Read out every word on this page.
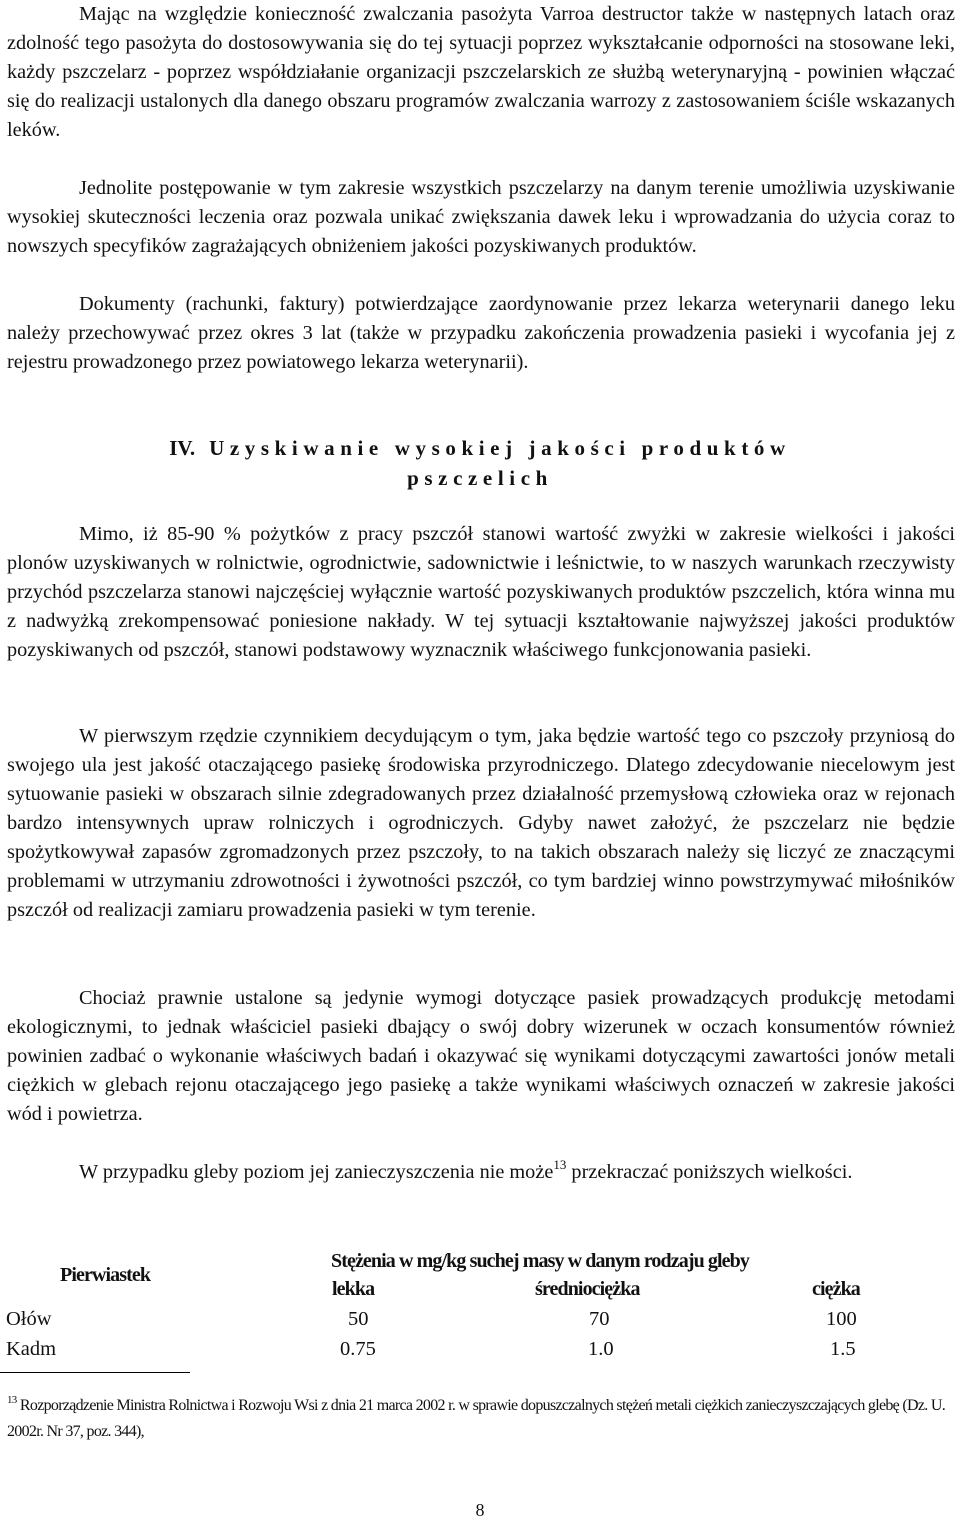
Mając na względzie konieczność zwalczania pasożyta Varroa destructor także w następnych latach oraz zdolność tego pasożyta do dostosowywania się do tej sytuacji poprzez wykształcanie odporności na stosowane leki, każdy pszczelarz - poprzez współdziałanie organizacji pszczelarskich ze służbą weterynaryjną - powinien włączać się do realizacji ustalonych dla danego obszaru programów zwalczania warrozy z zastosowaniem ściśle wskazanych leków.

Jednolite postępowanie w tym zakresie wszystkich pszczelarzy na danym terenie umożliwia uzyskiwanie wysokiej skuteczności leczenia oraz pozwala unikać zwiększania dawek leku i wprowadzania do użycia coraz to nowszych specyfików zagrażających obniżeniem jakości pozyskiwanych produktów.

Dokumenty (rachunki, faktury) potwierdzające zaordynowanie przez lekarza weterynarii danego leku należy przechowywać przez okres 3 lat (także w przypadku zakończenia prowadzenia pasieki i wycofania jej z rejestru prowadzonego przez powiatowego lekarza weterynarii).

IV. Uzyskiwanie wysokiej jakości produktów
pszczelich

Mimo, iż 85-90 % pożytków z pracy pszczół stanowi wartość zwyżki w zakresie wielkości i jakości plonów uzyskiwanych w rolnictwie, ogrodnictwie, sadownictwie i leśnictwie, to w naszych warunkach rzeczywisty przychód pszczelarza stanowi najczęściej wyłącznie wartość pozyskiwanych produktów pszczelich, która winna mu z nadwyżką zrekompensować poniesione nakłady. W tej sytuacji kształtowanie najwyższej jakości produktów pozyskiwanych od pszczół, stanowi podstawowy wyznacznik właściwego funkcjonowania pasieki.

W pierwszym rzędzie czynnikiem decydującym o tym, jaka będzie wartość tego co pszczoły przyniosą do swojego ula jest jakość otaczającego pasiekę środowiska przyrodniczego. Dlatego zdecydowanie niecelowym jest sytuowanie pasieki w obszarach silnie zdegradowanych przez działalność przemysłową człowieka oraz w rejonach bardzo intensywnych upraw rolniczych i ogrodniczych. Gdyby nawet założyć, że pszczelarz nie będzie spożytkowywał zapasów zgromadzonych przez pszczoły, to na takich obszarach należy się liczyć ze znaczącymi problemami w utrzymaniu zdrowotności i żywotności pszczół, co tym bardziej winno powstrzymywać miłośników pszczół od realizacji zamiaru prowadzenia pasieki w tym terenie.

Chociaż prawnie ustalone są jedynie wymogi dotyczące pasiek prowadzących produkcję metodami ekologicznymi, to jednak właściciel pasieki dbający o swój dobry wizerunek w oczach konsumentów również powinien zadbać o wykonanie właściwych badań i okazywać się wynikami dotyczącymi zawartości jonów metali ciężkich w glebach rejonu otaczającego jego pasiekę a także wynikami właściwych oznaczeń w zakresie jakości wód i powietrza.

W przypadku gleby poziom jej zanieczyszczenia nie może$^{13}$ przekraczać poniższych wielkości.

Pierwiastek
Stężenia w mg/kg suchej masy w danym rodzaju gleby
lekka	średniociężka	ciężka
Ołów	50	70	100
Kadm	0.75	1.0	1.5

$^{13}$ Rozporządzenie Ministra Rolnictwa i Rozwoju Wsi z dnia 21 marca 2002 r. w sprawie dopuszczalnych stężeń metali ciężkich zanieczyszczających glebę (Dz. U. 2002r. Nr 37, poz. 344),

8
